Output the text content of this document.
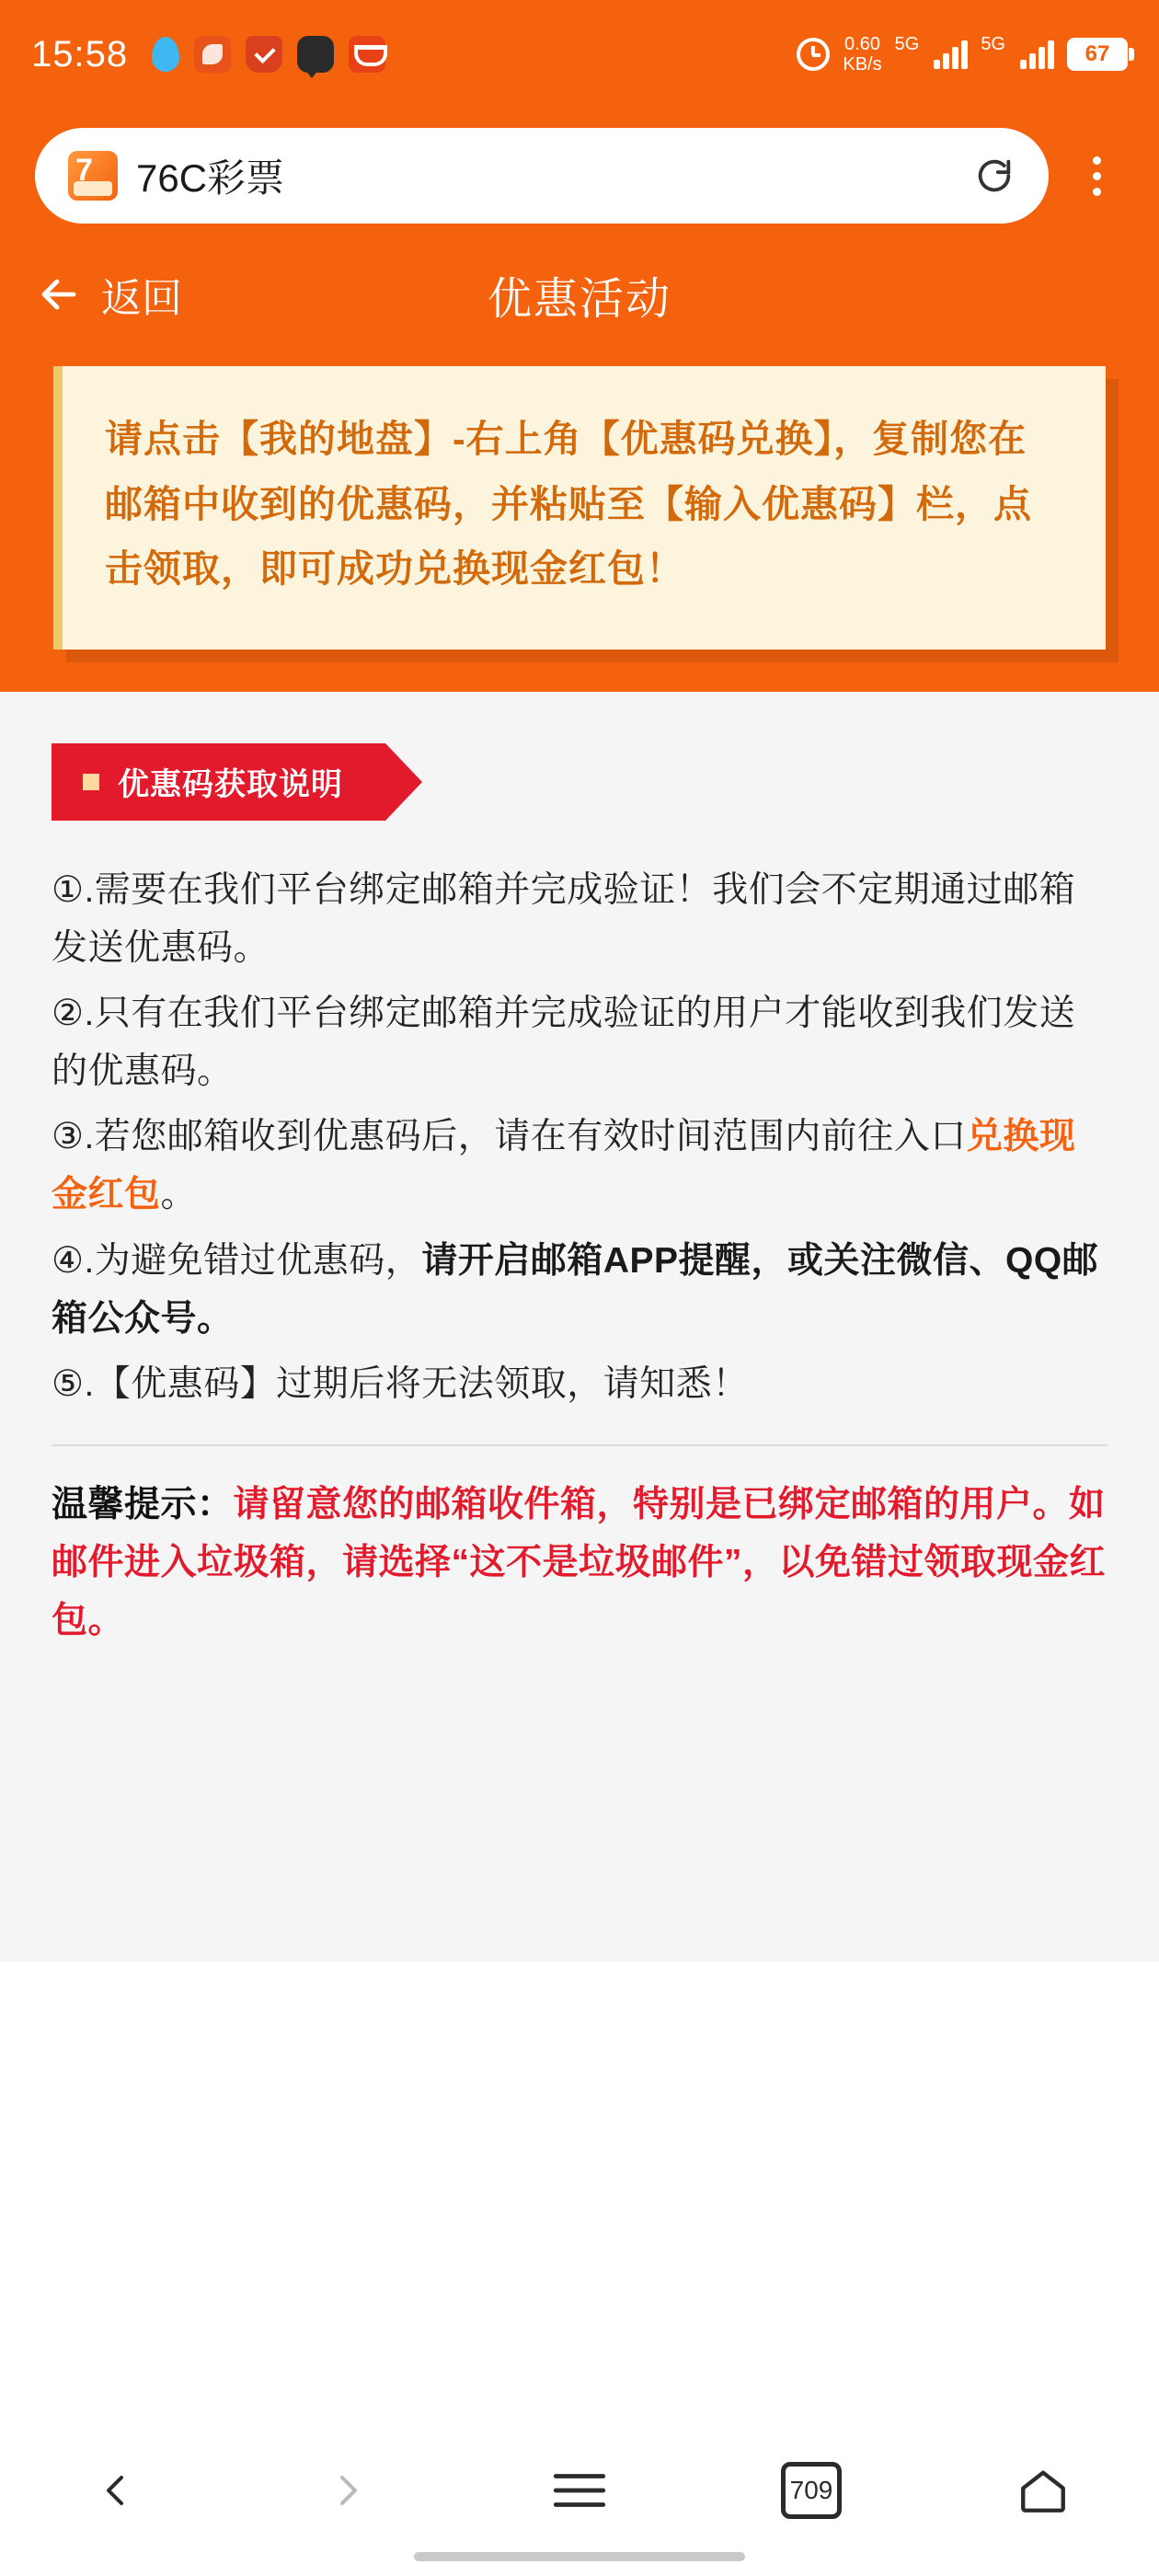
15:58	0.60
KB/s
5G	5G	67
7
76C彩票
返回	优惠活动
请点击【我的地盘】-右上角【优惠码兑换】，复制您在邮箱中收到的优惠码，并粘贴至【输入优惠码】栏，点击领取，即可成功兑换现金红包！
优惠码获取说明
①.需要在我们平台绑定邮箱并完成验证！我们会不定期通过邮箱发送优惠码。
②.只有在我们平台绑定邮箱并完成验证的用户才能收到我们发送的优惠码。
③.若您邮箱收到优惠码后，请在有效时间范围内前往入口兑换现金红包。
④.为避免错过优惠码，请开启邮箱APP提醒，或关注微信、QQ邮箱公众号。
⑤.【优惠码】过期后将无法领取，请知悉！
温馨提示：请留意您的邮箱收件箱，特别是已绑定邮箱的用户。如邮件进入垃圾箱，请选择“这不是垃圾邮件”，以免错过领取现金红包。
709
